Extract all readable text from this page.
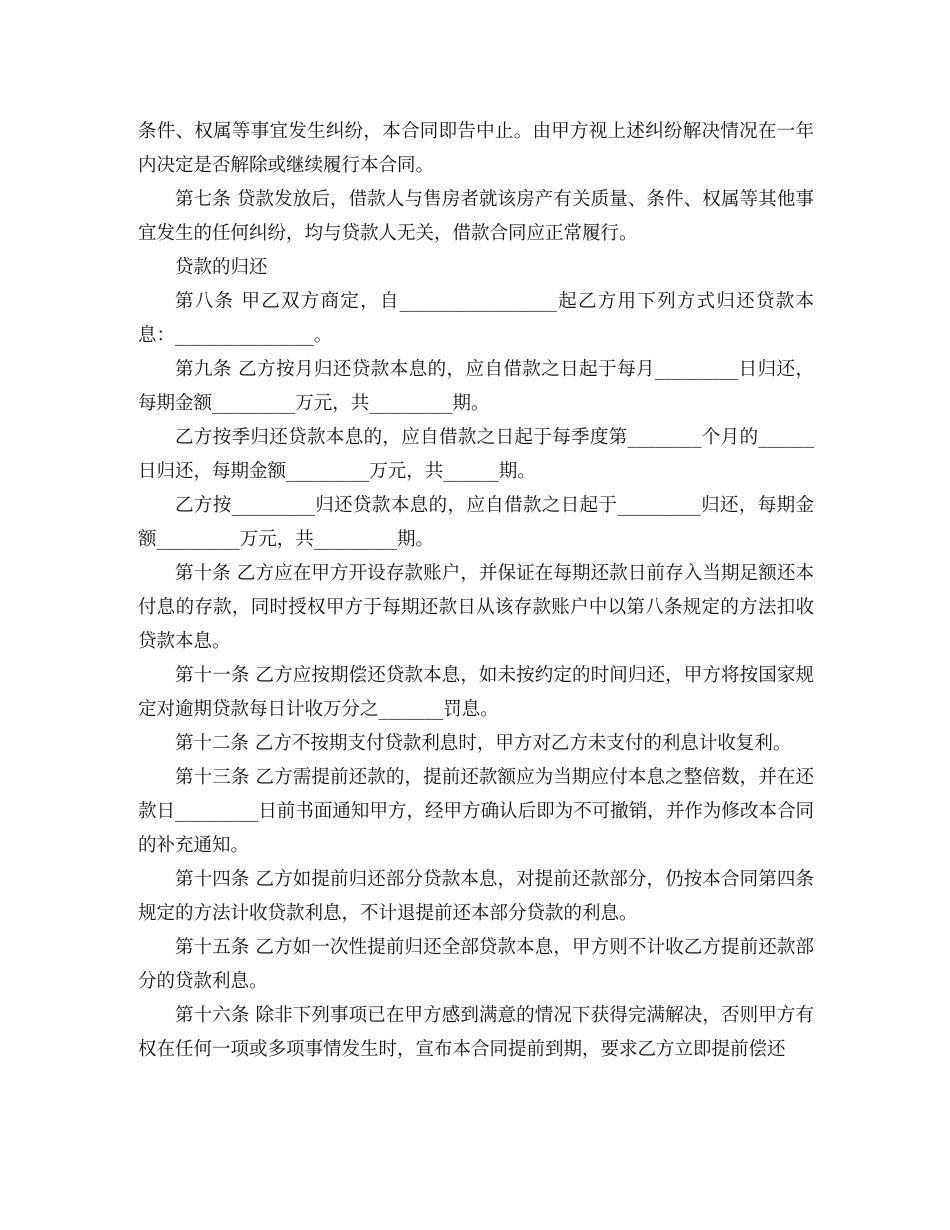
条件、权属等事宜发生纠纷，本合同即告中止。由甲方视上述纠纷解决情况在一年内决定是否解除或继续履行本合同。

第七条 贷款发放后，借款人与售房者就该房产有关质量、条件、权属等其他事宜发生的任何纠纷，均与贷款人无关，借款合同应正常履行。

贷款的归还

第八条 甲乙双方商定，自_________________起乙方用下列方式归还贷款本息：_______________。

第九条 乙方按月归还贷款本息的，应自借款之日起于每月_________日归还，每期金额_________万元，共_________期。

乙方按季归还贷款本息的，应自借款之日起于每季度第________个月的______日归还，每期金额_________万元，共______期。

乙方按_________归还贷款本息的，应自借款之日起于_________归还，每期金额_________万元，共_________期。

第十条 乙方应在甲方开设存款账户，并保证在每期还款日前存入当期足额还本付息的存款，同时授权甲方于每期还款日从该存款账户中以第八条规定的方法扣收贷款本息。

第十一条 乙方应按期偿还贷款本息，如未按约定的时间归还，甲方将按国家规定对逾期贷款每日计收万分之_______罚息。

第十二条 乙方不按期支付贷款利息时，甲方对乙方未支付的利息计收复利。

第十三条 乙方需提前还款的，提前还款额应为当期应付本息之整倍数，并在还款日_________日前书面通知甲方，经甲方确认后即为不可撤销，并作为修改本合同的补充通知。

第十四条 乙方如提前归还部分贷款本息，对提前还款部分，仍按本合同第四条规定的方法计收贷款利息，不计退提前还本部分贷款的利息。

第十五条 乙方如一次性提前归还全部贷款本息，甲方则不计收乙方提前还款部分的贷款利息。

第十六条 除非下列事项已在甲方感到满意的情况下获得完满解决，否则甲方有权在任何一项或多项事情发生时，宣布本合同提前到期，要求乙方立即提前偿还
